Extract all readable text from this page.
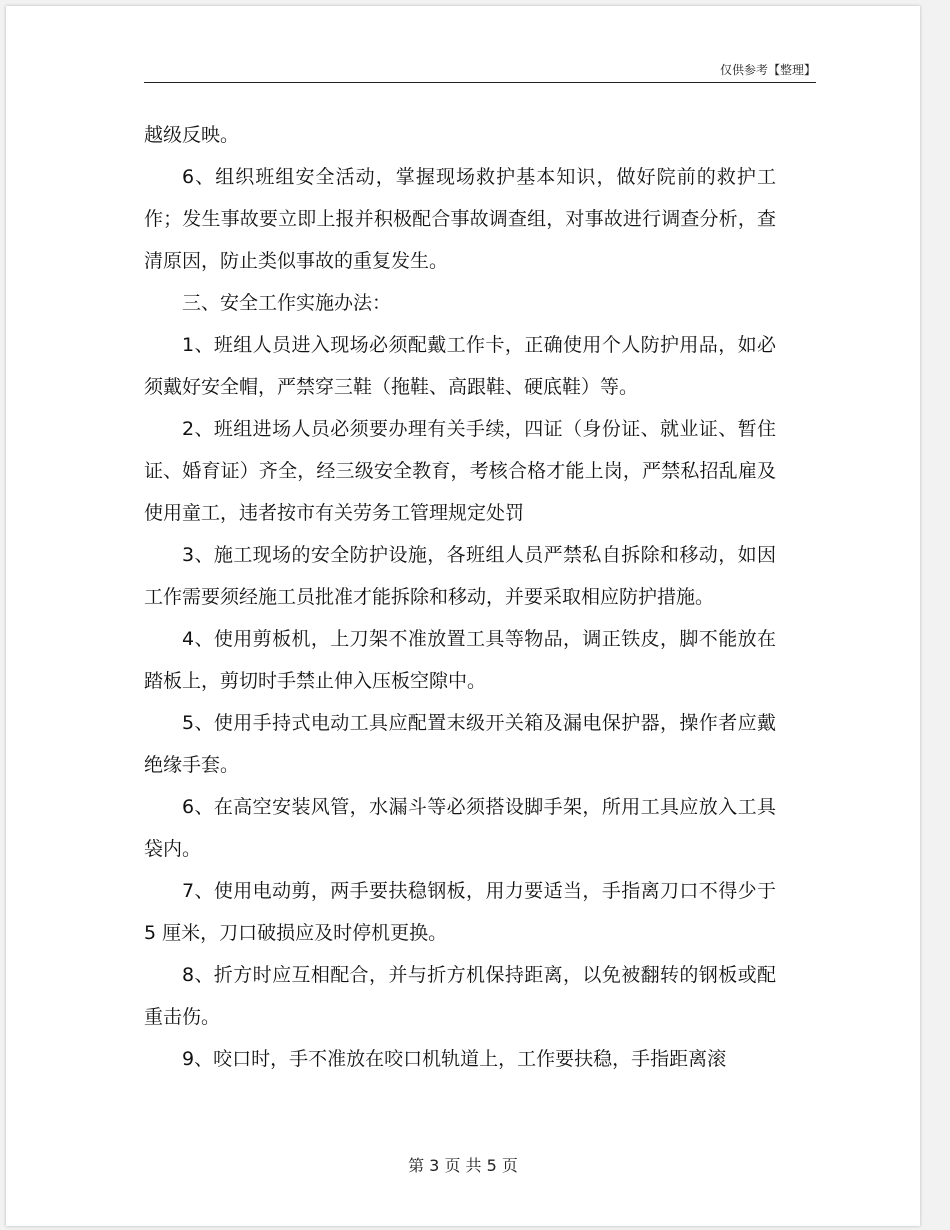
仅供参考【整理】

越级反映。

6、组织班组安全活动，掌握现场救护基本知识，做好院前的救护工作；发生事故要立即上报并积极配合事故调查组，对事故进行调查分析，查清原因，防止类似事故的重复发生。

三、安全工作实施办法：

1、班组人员进入现场必须配戴工作卡，正确使用个人防护用品，如必须戴好安全帽，严禁穿三鞋（拖鞋、高跟鞋、硬底鞋）等。

2、班组进场人员必须要办理有关手续，四证（身份证、就业证、暂住证、婚育证）齐全，经三级安全教育，考核合格才能上岗，严禁私招乱雇及使用童工，违者按市有关劳务工管理规定处罚

3、施工现场的安全防护设施，各班组人员严禁私自拆除和移动，如因工作需要须经施工员批准才能拆除和移动，并要采取相应防护措施。

4、使用剪板机，上刀架不准放置工具等物品，调正铁皮，脚不能放在踏板上，剪切时手禁止伸入压板空隙中。

5、使用手持式电动工具应配置末级开关箱及漏电保护器，操作者应戴绝缘手套。

6、在高空安装风管，水漏斗等必须搭设脚手架，所用工具应放入工具袋内。

7、使用电动剪，两手要扶稳钢板，用力要适当，手指离刀口不得少于 5 厘米，刀口破损应及时停机更换。

8、折方时应互相配合，并与折方机保持距离，以免被翻转的钢板或配重击伤。

9、咬口时，手不准放在咬口机轨道上，工作要扶稳，手指距离滚

第 3 页 共 5 页
